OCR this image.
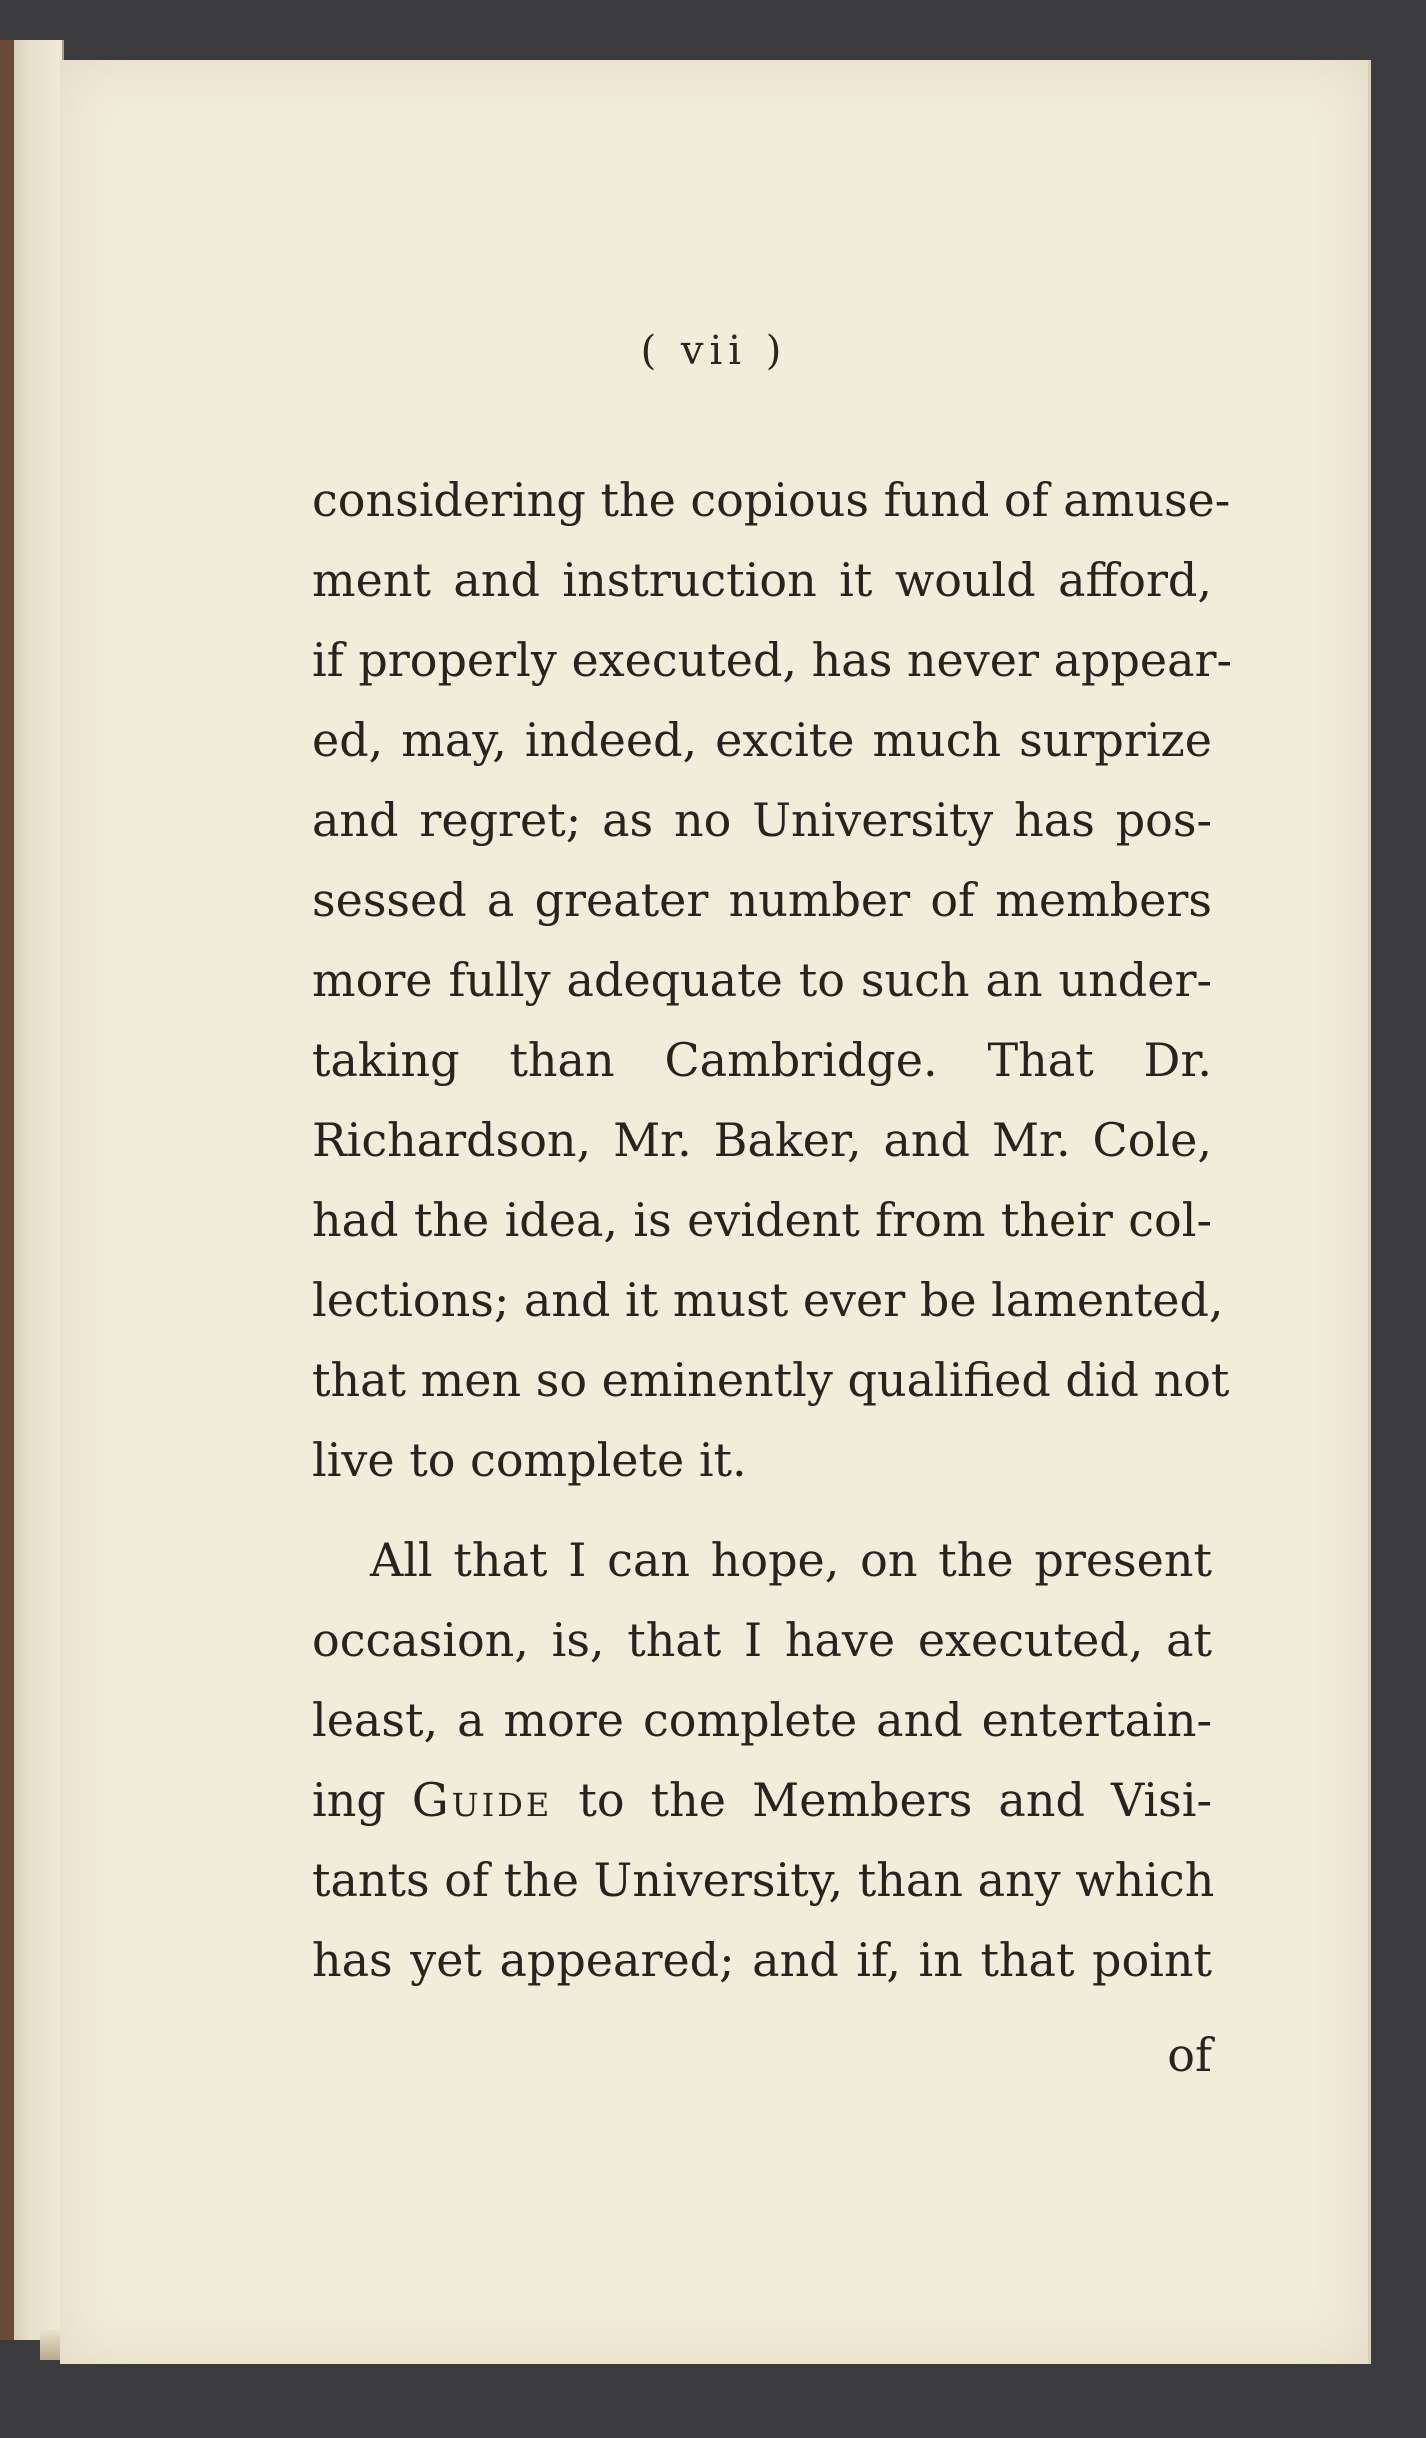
( vii )
considering the copious fund of amuse-
ment and instruction it would afford,
if properly executed, has never appear-
ed, may, indeed, excite much surprize
and regret; as no University has pos-
sessed a greater number of members
more fully adequate to such an under-
taking than Cambridge. That Dr.
Richardson, Mr. Baker, and Mr. Cole,
had the idea, is evident from their col-
lections; and it must ever be lamented,
that men so eminently qualified did not
live to complete it.
All that I can hope, on the present
occasion, is, that I have executed, at
least, a more complete and entertain-
ing Guide to the Members and Visi-
tants of the University, than any which
has yet appeared; and if, in that point
of
